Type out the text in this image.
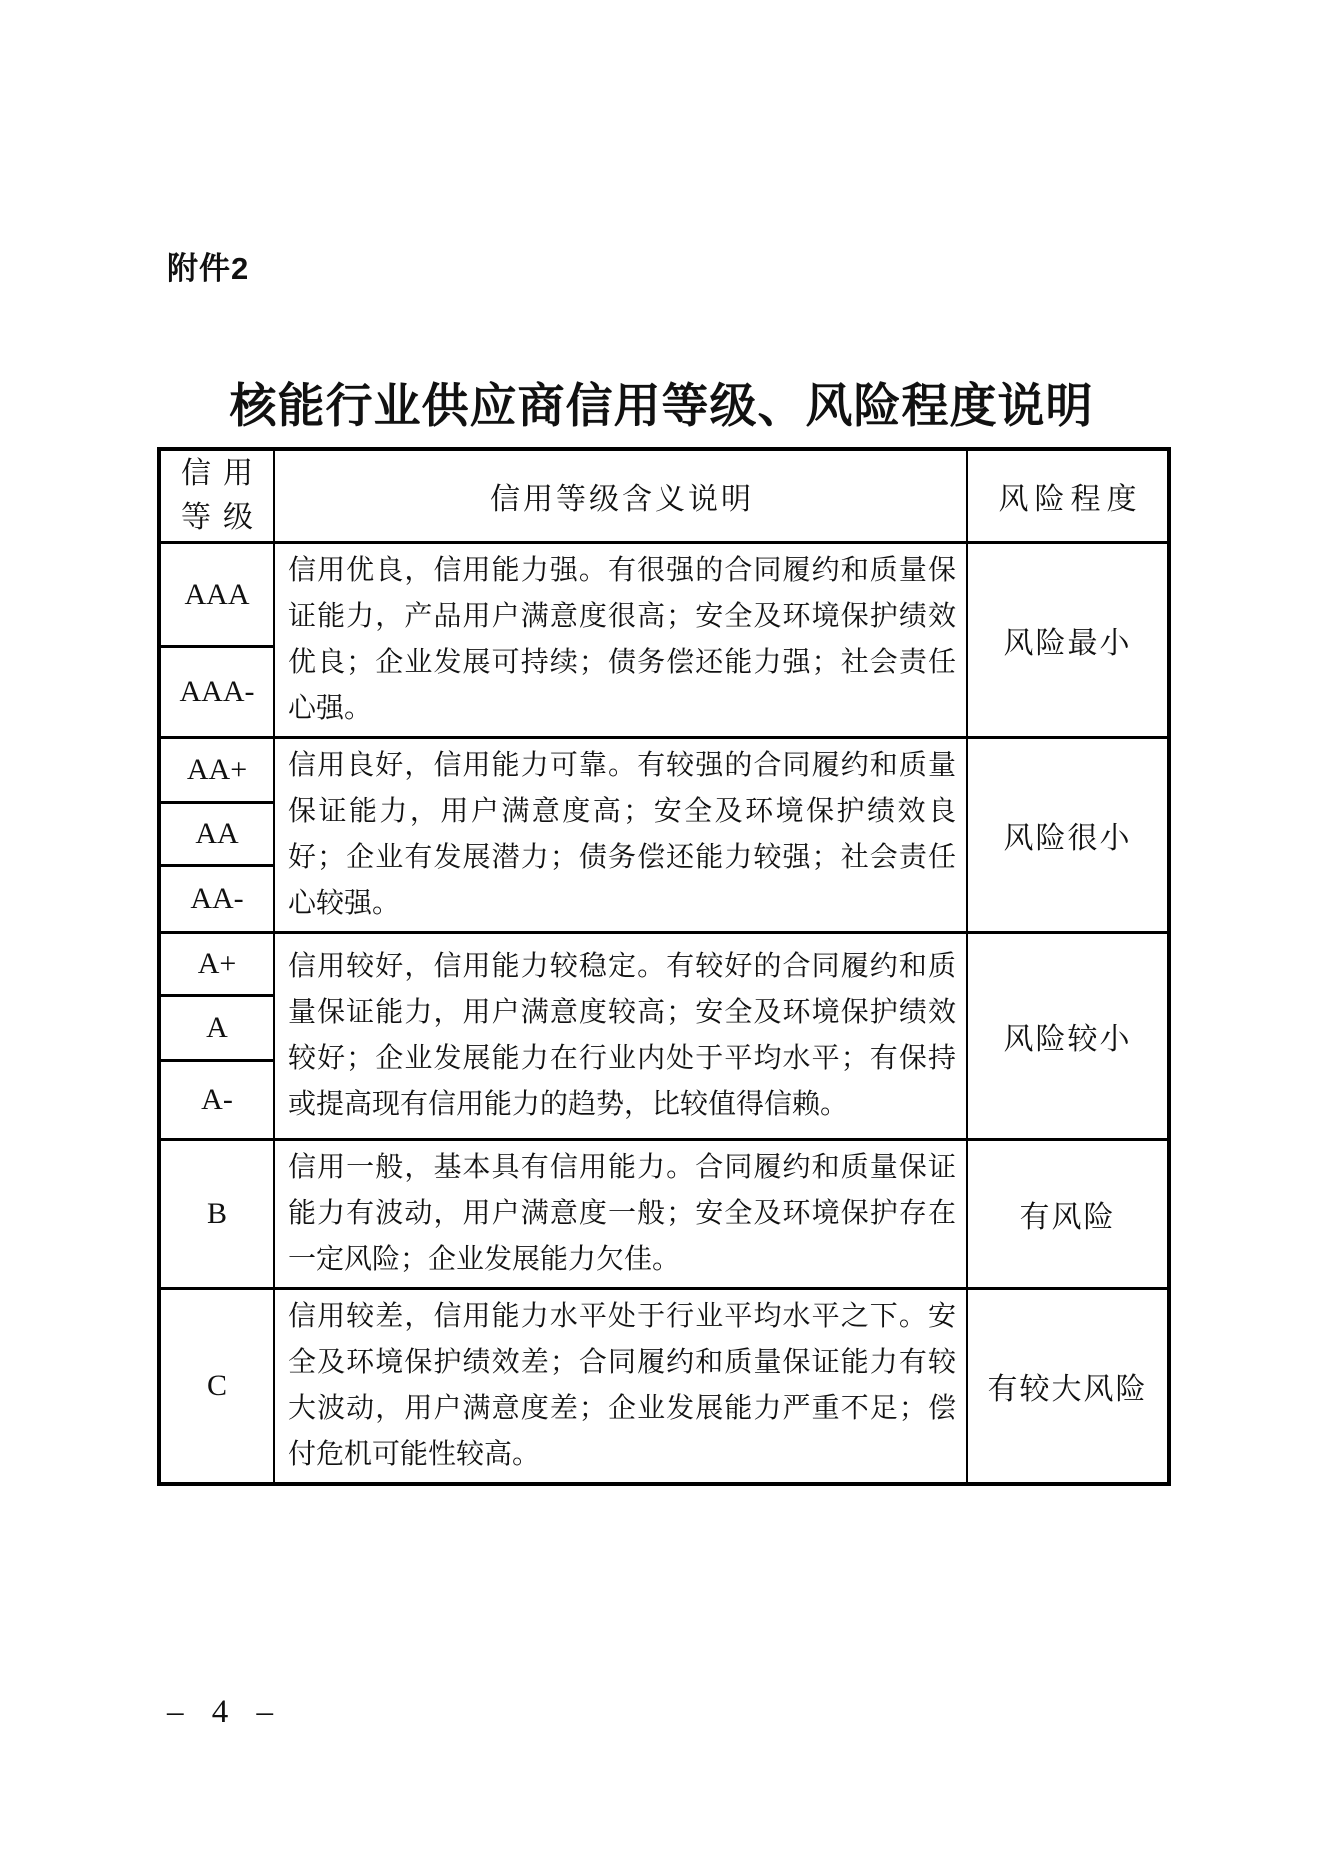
附件2
核能行业供应商信用等级、风险程度说明
信用
等级	信用等级含义说明	风险程度

AAA	信用优良，信用能力强。有很强的合同履约和质量保证能力，产品用户满意度很高；安全及环境保护绩效优良；企业发展可持续；债务偿还能力强；社会责任心强。	风险最小
AAA-		
AA+	信用良好，信用能力可靠。有较强的合同履约和质量保证能力，用户满意度高；安全及环境保护绩效良好；企业有发展潜力；债务偿还能力较强；社会责任心较强。	风险很小
AA		
AA-		
A+	信用较好，信用能力较稳定。有较好的合同履约和质量保证能力，用户满意度较高；安全及环境保护绩效较好；企业发展能力在行业内处于平均水平；有保持或提高现有信用能力的趋势，比较值得信赖。	风险较小
A		
A-		
B	信用一般，基本具有信用能力。合同履约和质量保证能力有波动，用户满意度一般；安全及环境保护存在一定风险；企业发展能力欠佳。	有风险
C	信用较差，信用能力水平处于行业平均水平之下。安全及环境保护绩效差；合同履约和质量保证能力有较大波动，用户满意度差；企业发展能力严重不足；偿付危机可能性较高。	有较大风险
– 4 –
